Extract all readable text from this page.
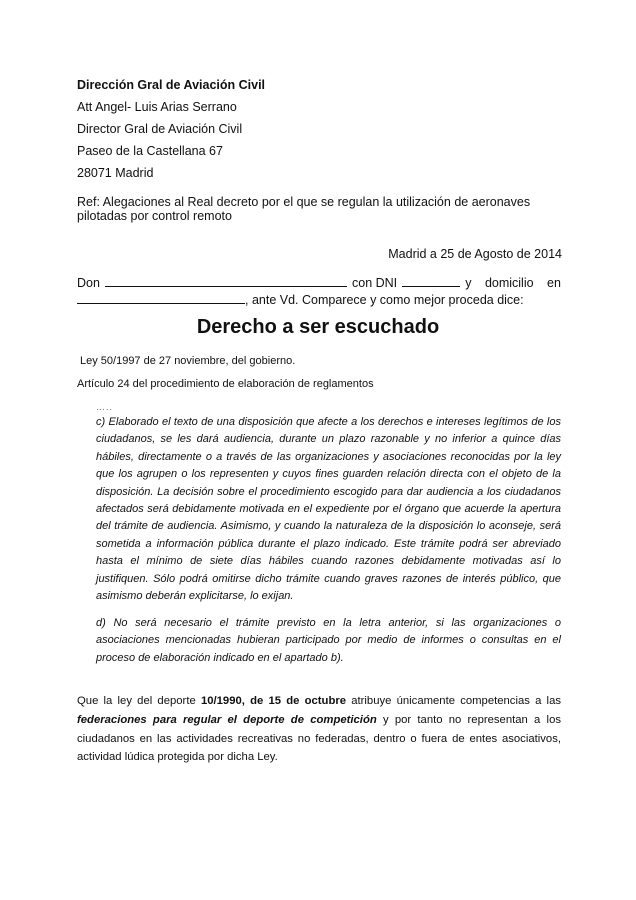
Dirección Gral de Aviación Civil
Att Angel- Luis Arias Serrano
Director Gral de Aviación Civil
Paseo de la Castellana 67
28071 Madrid
Ref: Alegaciones al Real decreto por el que se regulan la utilización de aeronaves pilotadas por control remoto
Madrid a 25 de Agosto de 2014
Don	con DNI	y domicilio en
, ante Vd. Comparece y como mejor proceda dice:
Derecho a ser escuchado
Ley 50/1997 de 27 noviembre, del gobierno.
Artículo 24 del procedimiento de elaboración de reglamentos
…..
c) Elaborado el texto de una disposición que afecte a los derechos e intereses legítimos de los ciudadanos, se les dará audiencia, durante un plazo razonable y no inferior a quince días hábiles, directamente o a través de las organizaciones y asociaciones reconocidas por la ley que los agrupen o los representen y cuyos fines guarden relación directa con el objeto de la disposición. La decisión sobre el procedimiento escogido para dar audiencia a los ciudadanos afectados será debidamente motivada en el expediente por el órgano que acuerde la apertura del trámite de audiencia. Asimismo, y cuando la naturaleza de la disposición lo aconseje, será sometida a información pública durante el plazo indicado. Este trámite podrá ser abreviado hasta el mínimo de siete días hábiles cuando razones debidamente motivadas así lo justifiquen. Sólo podrá omitirse dicho trámite cuando graves razones de interés público, que asimismo deberán explicitarse, lo exijan.
d) No será necesario el trámite previsto en la letra anterior, si las organizaciones o asociaciones mencionadas hubieran participado por medio de informes o consultas en el proceso de elaboración indicado en el apartado b).
Que la ley del deporte 10/1990, de 15 de octubre atribuye únicamente competencias a las federaciones para regular el deporte de competición y por tanto no representan a los ciudadanos en las actividades recreativas no federadas, dentro o fuera de entes asociativos, actividad lúdica protegida por dicha Ley.
